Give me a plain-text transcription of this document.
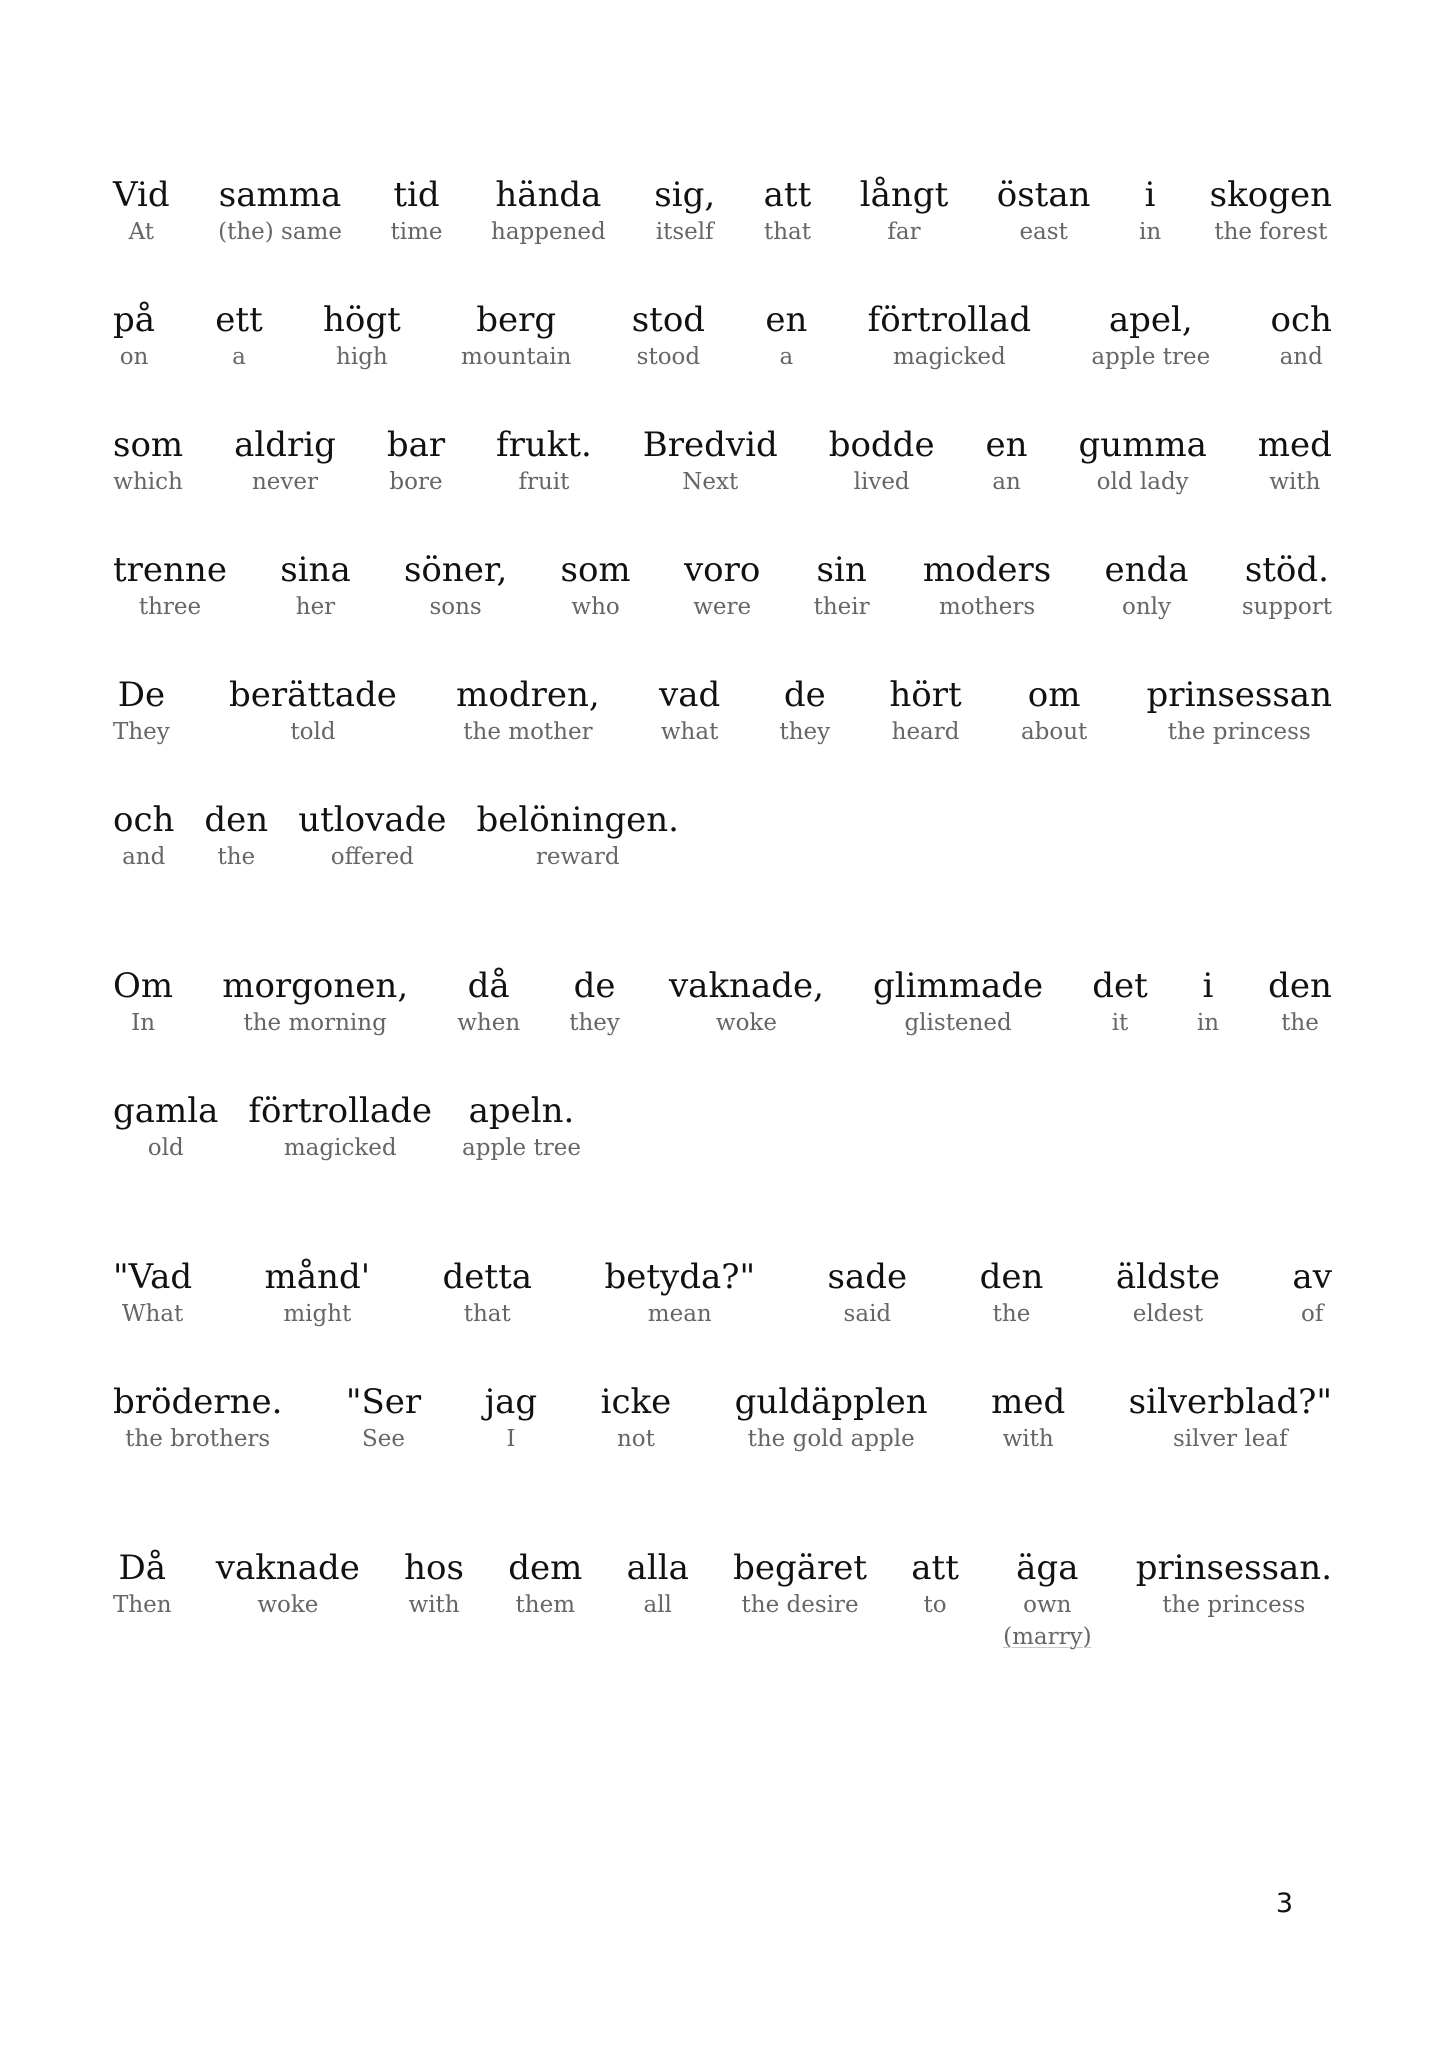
Vid
At
samma
(the) same
tid
time
hända
happened
sig,
itself
att
that
långt
far
östan
east
i
in
skogen
the forest
på
on
ett
a
högt
high
berg
mountain
stod
stood
en
a
förtrollad
magicked
apel,
apple tree
och
and
som
which
aldrig
never
bar
bore
frukt.
fruit
Bredvid
Next
bodde
lived
en
an
gumma
old lady
med
with
trenne
three
sina
her
söner,
sons
som
who
voro
were
sin
their
moders
mothers
enda
only
stöd.
support
De
They
berättade
told
modren,
the mother
vad
what
de
they
hört
heard
om
about
prinsessan
the princess
och
and
den
the
utlovade
offered
belöningen.
reward
Om
In
morgonen,
the morning
då
when
de
they
vaknade,
woke
glimmade
glistened
det
it
i
in
den
the
gamla
old
förtrollade
magicked
apeln.
apple tree
"Vad
What
månd'
might
detta
that
betyda?"
mean
sade
said
den
the
äldste
eldest
av
of
bröderne.
the brothers
"Ser
See
jag
I
icke
not
guldäpplen
the gold apple
med
with
silverblad?"
silver leaf
Då
Then
vaknade
woke
hos
with
dem
them
alla
all
begäret
the desire
att
to
äga
own
(marry)
prinsessan.
the princess
3
